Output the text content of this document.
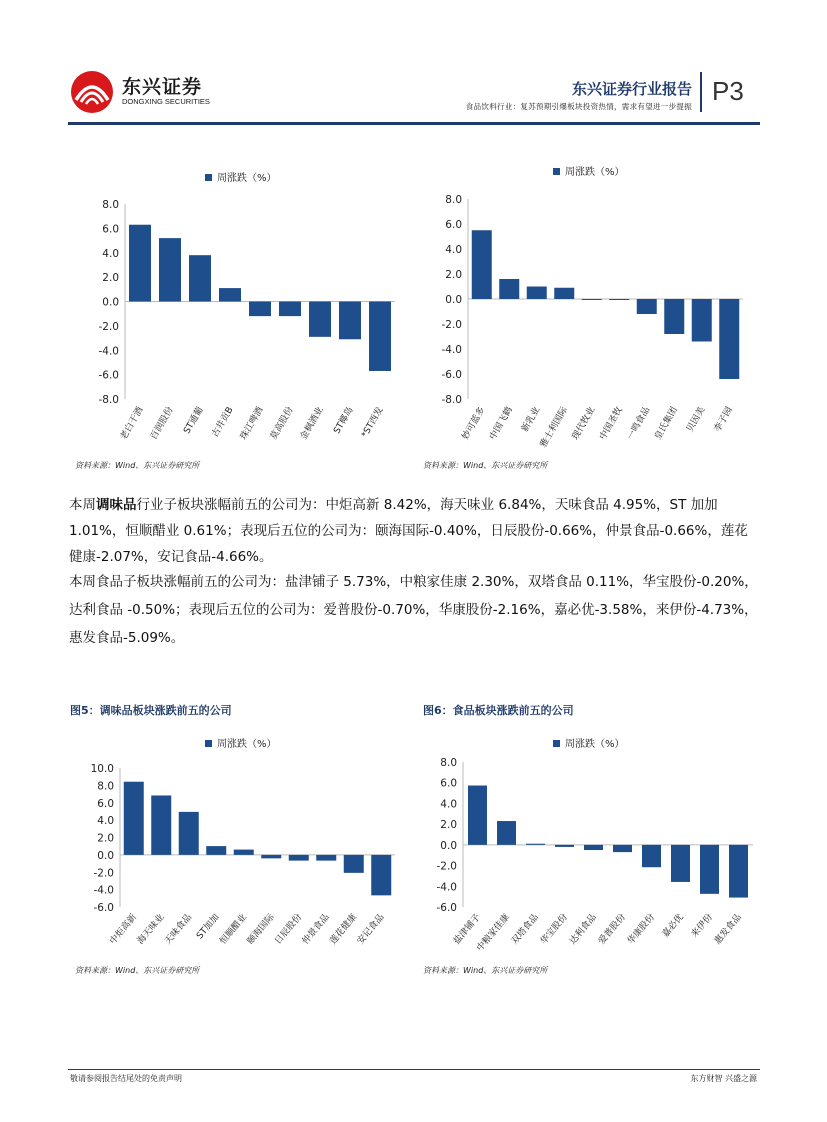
东兴证券
DONGXING SECURITIES
东兴证券行业报告
食品饮料行业：复苏预期引爆板块投资热情，需求有望进一步提振
P3
周涨跌（%）
8.0
6.0
4.0
2.0
0.0
-2.0
-4.0
-6.0
-8.0
老白干酒 百润股份 ST通葡 古井贡B 珠江啤酒 莫高股份 金枫酒业 ST椰岛 *ST西发
资料来源：Wind、东兴证券研究所
周涨跌（%）
8.0
6.0
4.0
2.0
0.0
-2.0
-4.0
-6.0
-8.0
妙可蓝多 中国飞鹤 新乳业
雅士利国际 现代牧业 中国圣牧 一鸣食品 皇氏集团 贝因美 李子园
资料来源：Wind、东兴证券研究所
本周调味品行业子板块涨幅前五的公司为：中炬高新 8.42%，海天味业 6.84%，天味食品 4.95%，ST 加加 1.01%，恒顺醋业 0.61%；表现后五位的公司为：颐海国际-0.40%，日辰股份-0.66%，仲景食品-0.66%，莲花健康-2.07%，安记食品-4.66%。
本周食品子板块涨幅前五的公司为：盐津铺子 5.73%，中粮家佳康 2.30%，双塔食品 0.11%，华宝股份-0.20%，达利食品 -0.50%；表现后五位的公司为：爱普股份-0.70%，华康股份-2.16%，嘉必优-3.58%，来伊份-4.73%，惠发食品-5.09%。
图5：调味品板块涨跌前五的公司	图6：食品板块涨跌前五的公司
周涨跌（%）
10.0
8.0
6.0
4.0
2.0
0.0
-2.0
-4.0
-6.0
中炬高新
海天味业
天味食品 ST加加
恒顺醋业
颐海国际
日辰股份
仲景食品
莲花健康
安记食品
资料来源：Wind、东兴证券研究所
周涨跌（%）
8.0
6.0
4.0
2.0
0.0
-2.0
-4.0
-6.0
盐津铺子
中粮家佳康
双塔食品
华宝股份
达利食品
爱普股份
华康股份 嘉必优 来伊份
惠发食品
资料来源：Wind、东兴证券研究所
敬请参阅报告结尾处的免责声明	东方财智 兴盛之源
